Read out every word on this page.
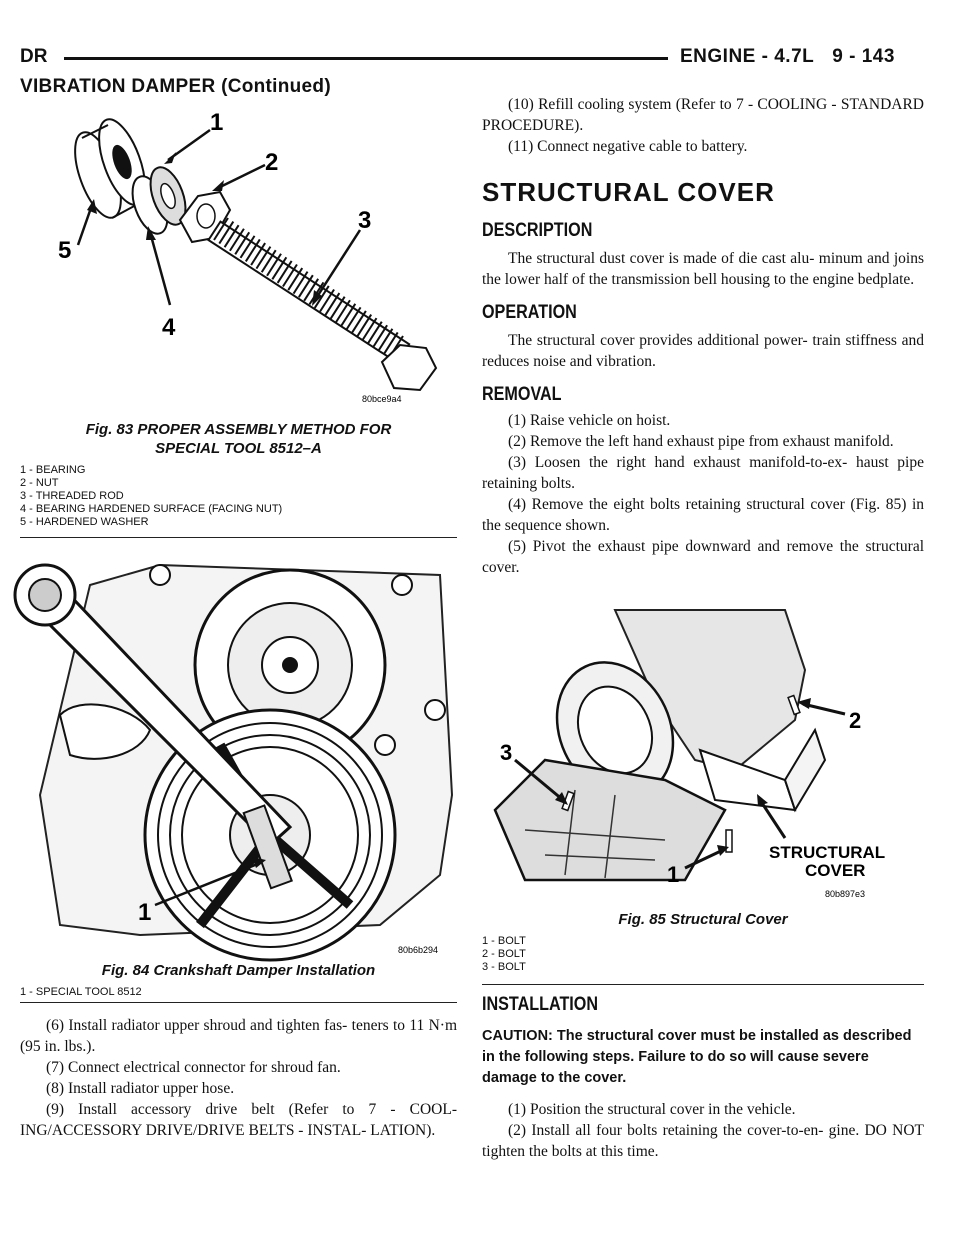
DR	ENGINE - 4.7L 9 - 143
VIBRATION DAMPER (Continued)
1
2
3
4
5
80bce9a4
Fig. 83 PROPER ASSEMBLY METHOD FOR
SPECIAL TOOL 8512–A
1 - BEARING
2 - NUT
3 - THREADED ROD
4 - BEARING HARDENED SURFACE (FACING NUT)
5 - HARDENED WASHER
1
80b6b294
Fig. 84 Crankshaft Damper Installation
1 - SPECIAL TOOL 8512

(6) Install radiator upper shroud and tighten fas- teners to 11 N·m (95 in. lbs.).

(7) Connect electrical connector for shroud fan.

(8) Install radiator upper hose.

(9) Install accessory drive belt (Refer to 7 - COOL- ING/ACCESSORY DRIVE/DRIVE BELTS - INSTAL- LATION).

(10) Refill cooling system (Refer to 7 - COOLING - STANDARD PROCEDURE).

(11) Connect negative cable to battery.

STRUCTURAL COVER
DESCRIPTION

The structural dust cover is made of die cast alu- minum and joins the lower half of the transmission bell housing to the engine bedplate.

OPERATION

The structural cover provides additional power- train stiffness and reduces noise and vibration.

REMOVAL

(1) Raise vehicle on hoist.

(2) Remove the left hand exhaust pipe from exhaust manifold.

(3) Loosen the right hand exhaust manifold-to-ex- haust pipe retaining bolts.

(4) Remove the eight bolts retaining structural cover (Fig. 85) in the sequence shown.

(5) Pivot the exhaust pipe downward and remove the structural cover.

2
3
1
STRUCTURAL
COVER
80b897e3
Fig. 85 Structural Cover
1 - BOLT
2 - BOLT
3 - BOLT
INSTALLATION
CAUTION: The structural cover must be installed as described in the following steps. Failure to do so will cause severe damage to the cover.

(1) Position the structural cover in the vehicle.

(2) Install all four bolts retaining the cover-to-en- gine. DO NOT tighten the bolts at this time.
